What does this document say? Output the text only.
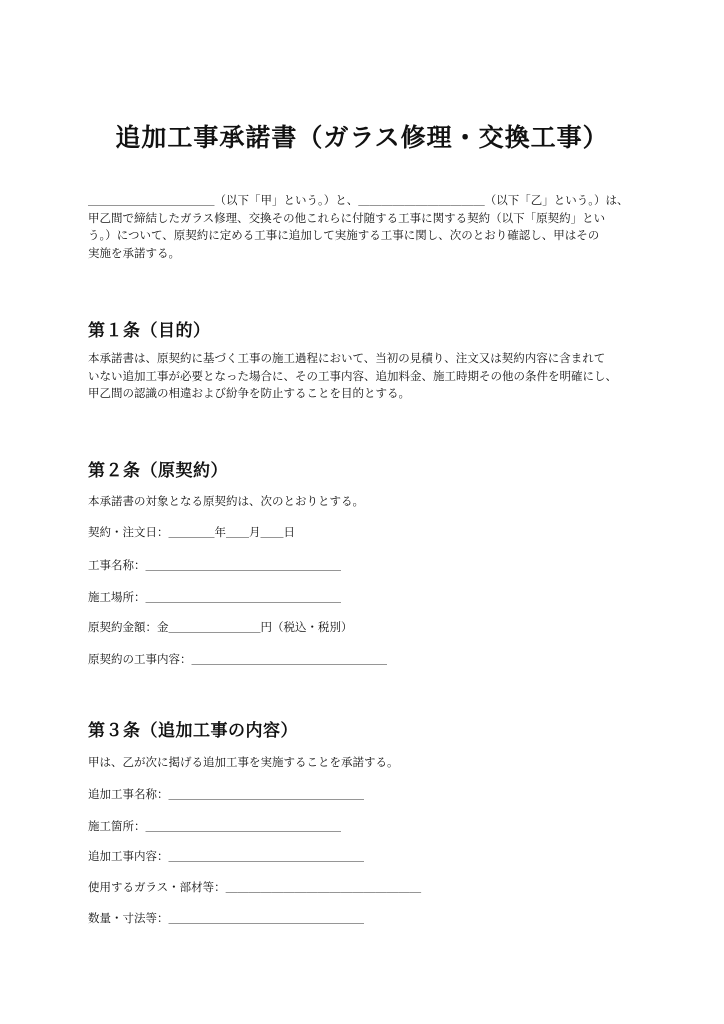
追加工事承諾書（ガラス修理・交換工事）
＿＿＿＿＿＿＿＿＿＿＿（以下「甲」という。）と、＿＿＿＿＿＿＿＿＿＿＿（以下「乙」という。）は、
甲乙間で締結したガラス修理、交換その他これらに付随する工事に関する契約（以下「原契約」とい
う。）について、原契約に定める工事に追加して実施する工事に関し、次のとおり確認し、甲はその
実施を承諾する。
第１条（目的）
本承諾書は、原契約に基づく工事の施工過程において、当初の見積り、注文又は契約内容に含まれて
いない追加工事が必要となった場合に、その工事内容、追加料金、施工時期その他の条件を明確にし、
甲乙間の認識の相違および紛争を防止することを目的とする。
第２条（原契約）
本承諾書の対象となる原契約は、次のとおりとする。
契約・注文日：＿＿＿＿年＿＿月＿＿日
工事名称：＿＿＿＿＿＿＿＿＿＿＿＿＿＿＿＿＿
施工場所：＿＿＿＿＿＿＿＿＿＿＿＿＿＿＿＿＿
原契約金額：金＿＿＿＿＿＿＿＿円（税込・税別）
原契約の工事内容：＿＿＿＿＿＿＿＿＿＿＿＿＿＿＿＿＿
第３条（追加工事の内容）
甲は、乙が次に掲げる追加工事を実施することを承諾する。
追加工事名称：＿＿＿＿＿＿＿＿＿＿＿＿＿＿＿＿＿
施工箇所：＿＿＿＿＿＿＿＿＿＿＿＿＿＿＿＿＿
追加工事内容：＿＿＿＿＿＿＿＿＿＿＿＿＿＿＿＿＿
使用するガラス・部材等：＿＿＿＿＿＿＿＿＿＿＿＿＿＿＿＿＿
数量・寸法等：＿＿＿＿＿＿＿＿＿＿＿＿＿＿＿＿＿
